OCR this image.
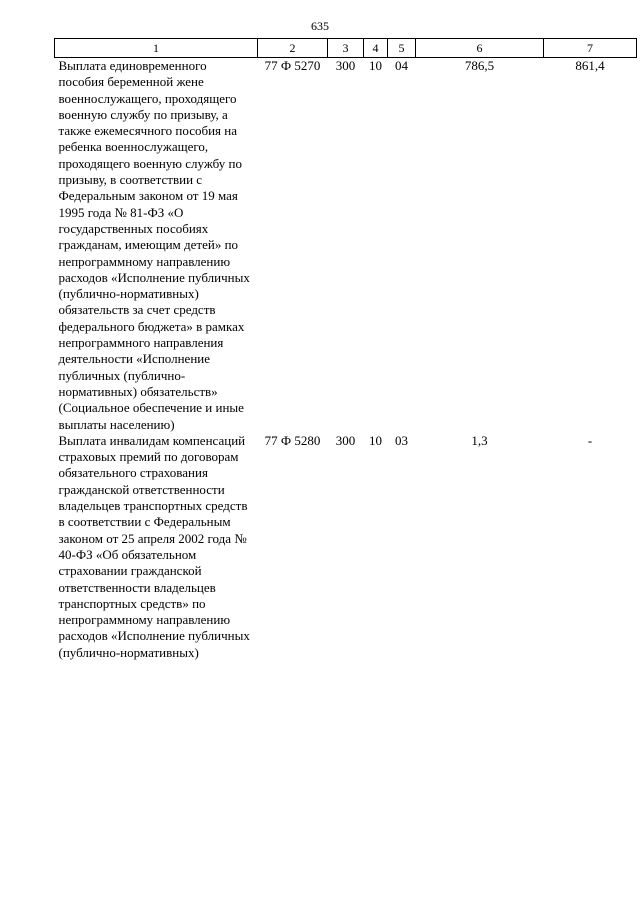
635
1	2	3	4	5	6	7
Выплата единовременного пособия беременной жене военнослужащего, проходящего военную службу по призыву, а также ежемесячного пособия на ребенка военнослужащего, проходящего военную службу по призыву, в соответствии с Федеральным законом от 19 мая 1995 года № 81-ФЗ «О государственных пособиях гражданам, имеющим детей» по непрограммному направлению расходов «Исполнение публичных (публично-нормативных) обязательств за счет средств федерального бюджета» в рамках непрограммного направления деятельности «Исполнение публичных (публично-нормативных) обязательств» (Социальное обеспечение и иные выплаты населению)	77 Ф 5270	300	10	04	786,5	861,4
Выплата инвалидам компенсаций страховых премий по договорам обязательного страхования гражданской ответственности владельцев транспортных средств в соответствии с Федеральным законом от 25 апреля 2002 года № 40-ФЗ «Об обязательном страховании гражданской ответственности владельцев транспортных средств» по непрограммному направлению расходов «Исполнение публичных (публично-нормативных)	77 Ф 5280	300	10	03	1,3	-
